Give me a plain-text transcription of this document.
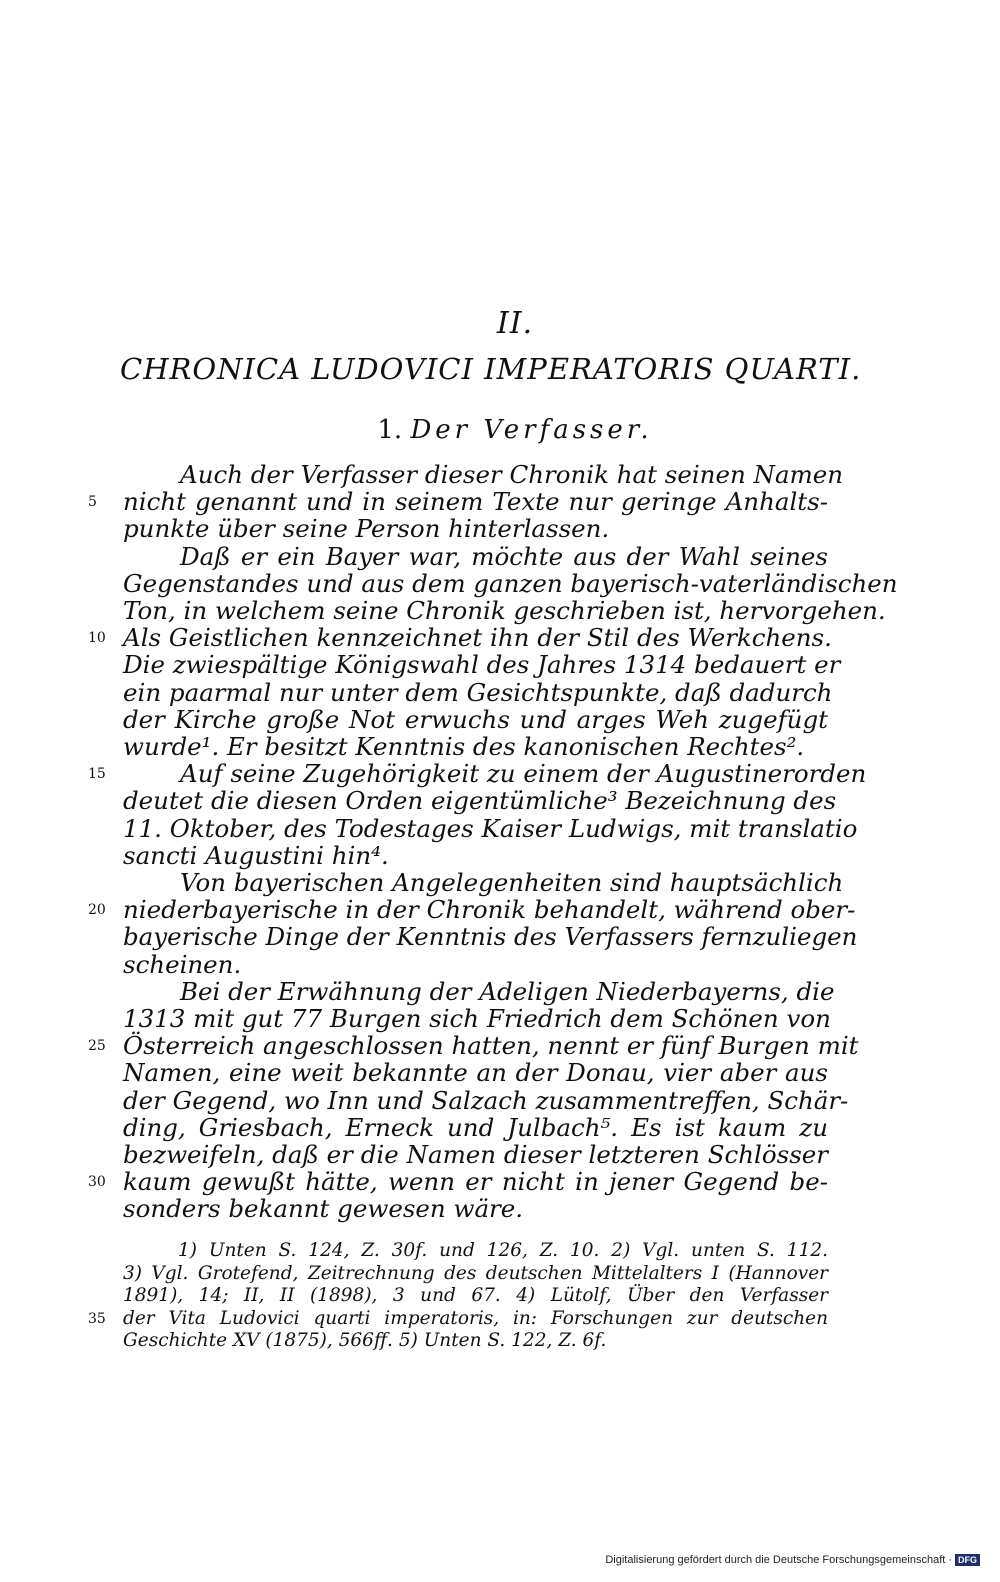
II.
CHRONICA LUDOVICI IMPERATORIS QUARTI.
1. Der Verfasser.
Auch der Verfasser dieser Chronik hat seinen Namen
nicht genannt und in seinem Texte nur geringe Anhalts-
punkte über seine Person hinterlassen.
Daß er ein Bayer war, möchte aus der Wahl seines
Gegenstandes und aus dem ganzen bayerisch-vaterländischen
Ton, in welchem seine Chronik geschrieben ist, hervorgehen.
Als Geistlichen kennzeichnet ihn der Stil des Werkchens.
Die zwiespältige Königswahl des Jahres 1314 bedauert er
ein paarmal nur unter dem Gesichtspunkte, daß dadurch
der Kirche große Not erwuchs und arges Weh zugefügt
wurde¹. Er besitzt Kenntnis des kanonischen Rechtes².
Auf seine Zugehörigkeit zu einem der Augustinerorden
deutet die diesen Orden eigentümliche³ Bezeichnung des
11. Oktober, des Todestages Kaiser Ludwigs, mit translatio
sancti Augustini hin⁴.
Von bayerischen Angelegenheiten sind hauptsächlich
niederbayerische in der Chronik behandelt, während ober-
bayerische Dinge der Kenntnis des Verfassers fernzuliegen
scheinen.
Bei der Erwähnung der Adeligen Niederbayerns, die
1313 mit gut 77 Burgen sich Friedrich dem Schönen von
Österreich angeschlossen hatten, nennt er fünf Burgen mit
Namen, eine weit bekannte an der Donau, vier aber aus
der Gegend, wo Inn und Salzach zusammentreffen, Schär-
ding, Griesbach, Erneck und Julbach⁵. Es ist kaum zu
bezweifeln, daß er die Namen dieser letzteren Schlösser
kaum gewußt hätte, wenn er nicht in jener Gegend be-
sonders bekannt gewesen wäre.
5
10
15
20
25
30
1) Unten S. 124, Z. 30f. und 126, Z. 10. 2) Vgl. unten S. 112.
3) Vgl. Grotefend, Zeitrechnung des deutschen Mittelalters I (Hannover
1891), 14; II, II (1898), 3 und 67. 4) Lütolf, Über den Verfasser
der Vita Ludovici quarti imperatoris, in: Forschungen zur deutschen
Geschichte XV (1875), 566ff. 5) Unten S. 122, Z. 6f.
35
Digitalisierung gefördert durch die Deutsche Forschungsgemeinschaft · DFG
